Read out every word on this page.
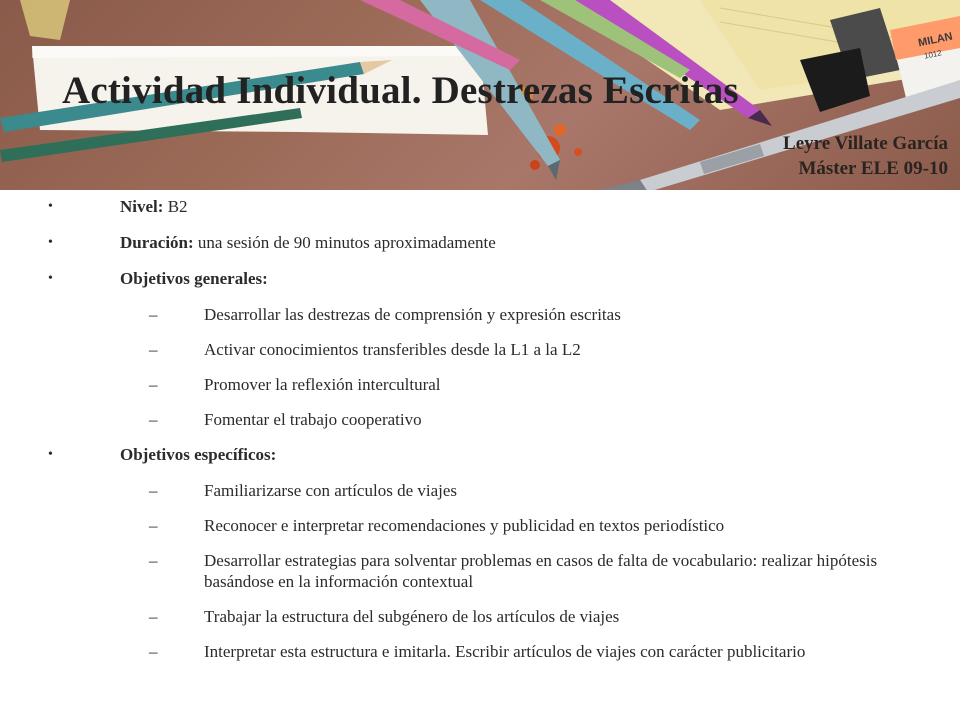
MILAN
1012
Actividad Individual. Destrezas Escritas
Leyre Villate García
Máster ELE 09-10
•	Nivel: B2
•	Duración: una sesión de 90 minutos aproximadamente
•	Objetivos generales:
–	Desarrollar las destrezas de comprensión y expresión escritas
–	Activar conocimientos transferibles desde la L1 a la L2
–	Promover la reflexión intercultural
–	Fomentar el trabajo cooperativo
•	Objetivos específicos:
–	Familiarizarse con artículos de viajes
–	Reconocer e interpretar recomendaciones y publicidad en textos periodístico
–	Desarrollar estrategias para solventar problemas en casos de falta de vocabulario: realizar hipótesis basándose en la información contextual
–	Trabajar la estructura del subgénero de los artículos de viajes
–	Interpretar esta estructura e imitarla. Escribir artículos de viajes con carácter publicitario
